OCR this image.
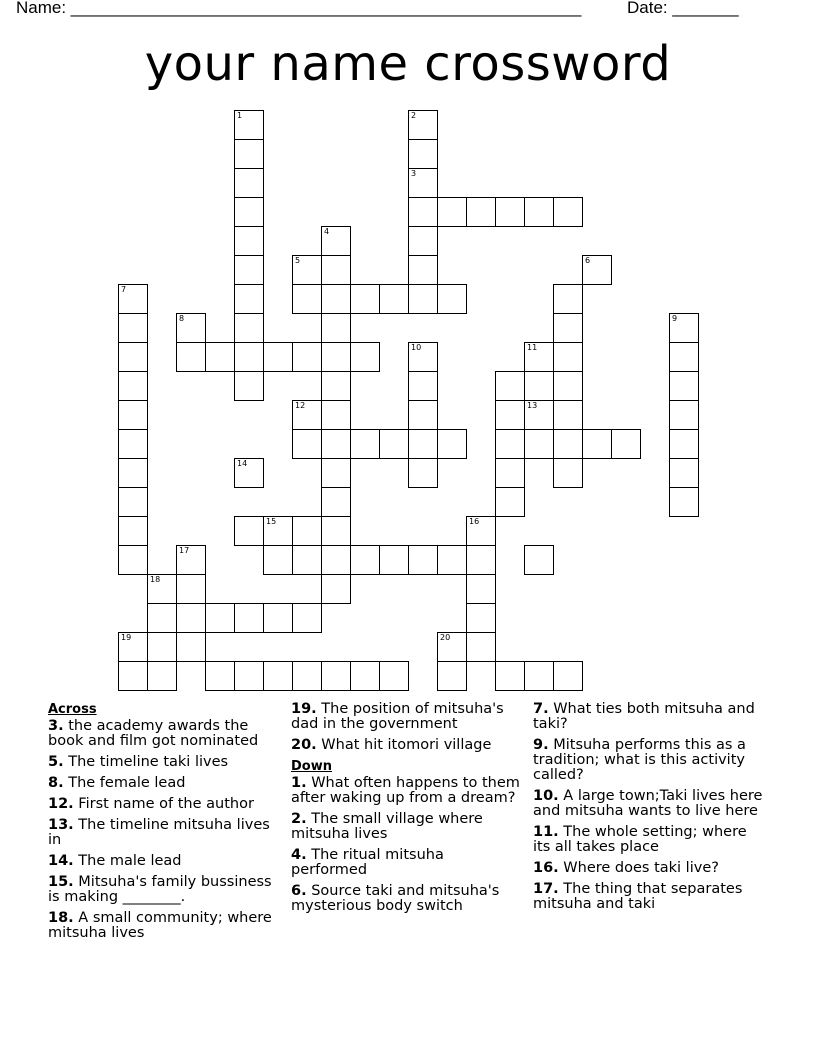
Name: ______________________________________________________	Date: _______
your name crossword
1	2
3
4
5	6
7
8	9
10	11
12	13
14
15	16
17
18
19	20
Across
3. the academy awards the book and film got nominated
5. The timeline taki lives
8. The female lead
12. First name of the author
13. The timeline mitsuha lives in
14. The male lead
15. Mitsuha's family bussiness is making ________.
18. A small community; where mitsuha lives
19. The position of mitsuha's dad in the government
20. What hit itomori village
Down
1. What often happens to them after waking up from a dream?
2. The small village where mitsuha lives
4. The ritual mitsuha performed
6. Source taki and mitsuha's mysterious body switch
7. What ties both mitsuha and taki?
9. Mitsuha performs this as a tradition; what is this activity called?
10. A large town;Taki lives here and mitsuha wants to live here
11. The whole setting; where its all takes place
16. Where does taki live?
17. The thing that separates mitsuha and taki
